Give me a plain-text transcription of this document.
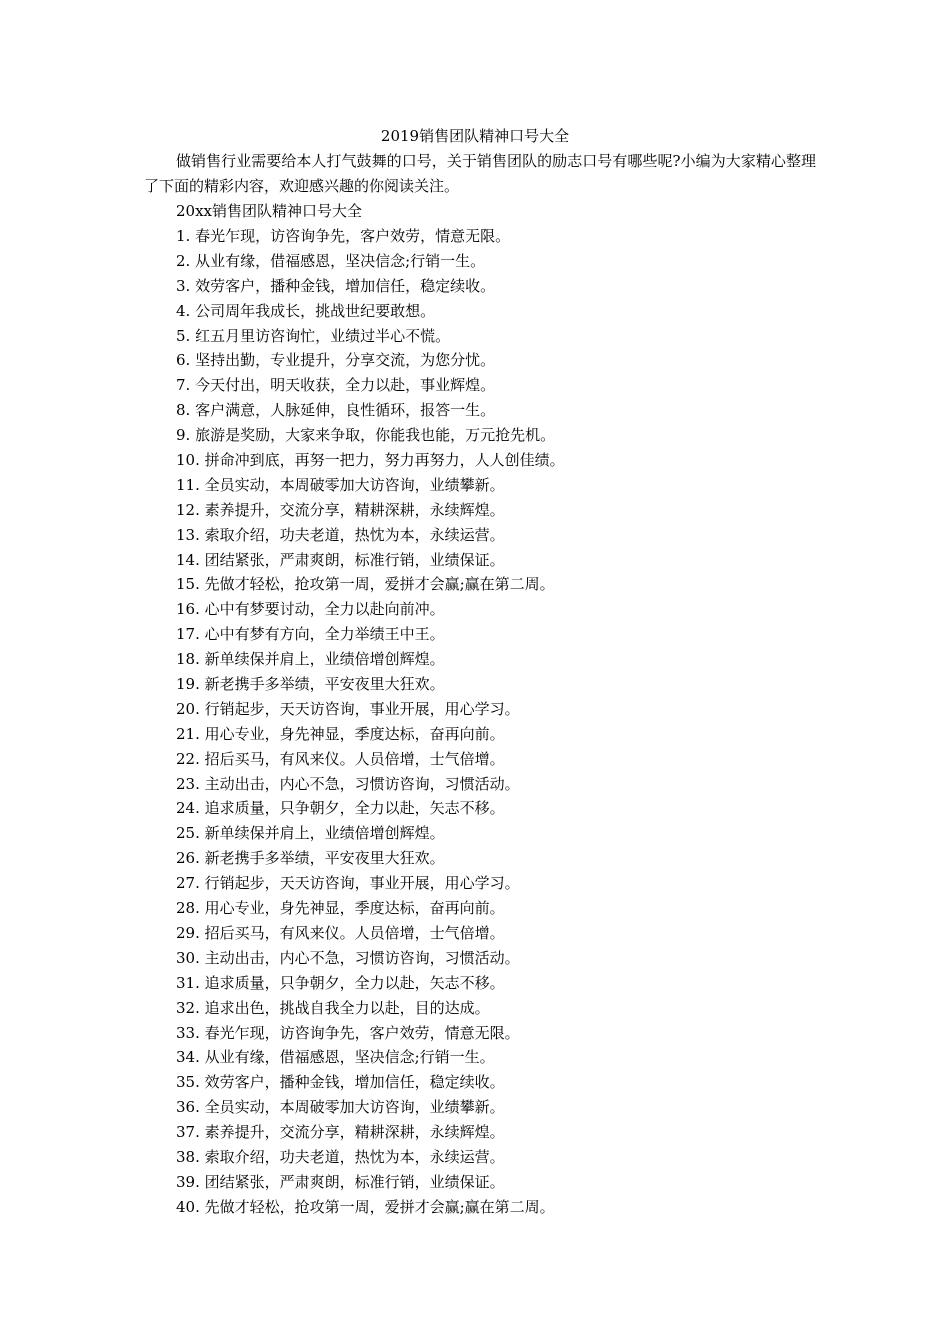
2019销售团队精神口号大全
做销售行业需要给本人打气鼓舞的口号，关于销售团队的励志口号有哪些呢?小编为大家精心整理了下面的精彩内容，欢迎感兴趣的你阅读关注。
20xx销售团队精神口号大全
1. 春光乍现，访咨询争先，客户效劳，情意无限。
2. 从业有缘，借福感恩，坚决信念;行销一生。
3. 效劳客户，播种金钱，增加信任，稳定续收。
4. 公司周年我成长，挑战世纪要敢想。
5. 红五月里访咨询忙，业绩过半心不慌。
6. 坚持出勤，专业提升，分享交流，为您分忧。
7. 今天付出，明天收获，全力以赴，事业辉煌。
8. 客户满意，人脉延伸，良性循环，报答一生。
9. 旅游是奖励，大家来争取，你能我也能，万元抢先机。
10. 拼命冲到底，再努一把力，努力再努力，人人创佳绩。
11. 全员实动，本周破零加大访咨询，业绩攀新。
12. 素养提升，交流分享，精耕深耕，永续辉煌。
13. 索取介绍，功夫老道，热忱为本，永续运营。
14. 团结紧张，严肃爽朗，标准行销，业绩保证。
15. 先做才轻松，抢攻第一周，爱拼才会赢;赢在第二周。
16. 心中有梦要讨动，全力以赴向前冲。
17. 心中有梦有方向，全力举绩王中王。
18. 新单续保并肩上，业绩倍增创辉煌。
19. 新老携手多举绩，平安夜里大狂欢。
20. 行销起步，天天访咨询，事业开展，用心学习。
21. 用心专业，身先神显，季度达标，奋再向前。
22. 招后买马，有风来仪。人员倍增，士气倍增。
23. 主动出击，内心不急，习惯访咨询，习惯活动。
24. 追求质量，只争朝夕，全力以赴，矢志不移。
25. 新单续保并肩上，业绩倍增创辉煌。
26. 新老携手多举绩，平安夜里大狂欢。
27. 行销起步，天天访咨询，事业开展，用心学习。
28. 用心专业，身先神显，季度达标，奋再向前。
29. 招后买马，有风来仪。人员倍增，士气倍增。
30. 主动出击，内心不急，习惯访咨询，习惯活动。
31. 追求质量，只争朝夕，全力以赴，矢志不移。
32. 追求出色，挑战自我全力以赴，目的达成。
33. 春光乍现，访咨询争先，客户效劳，情意无限。
34. 从业有缘，借福感恩，坚决信念;行销一生。
35. 效劳客户，播种金钱，增加信任，稳定续收。
36. 全员实动，本周破零加大访咨询，业绩攀新。
37. 素养提升，交流分享，精耕深耕，永续辉煌。
38. 索取介绍，功夫老道，热忱为本，永续运营。
39. 团结紧张，严肃爽朗，标准行销，业绩保证。
40. 先做才轻松，抢攻第一周，爱拼才会赢;赢在第二周。
